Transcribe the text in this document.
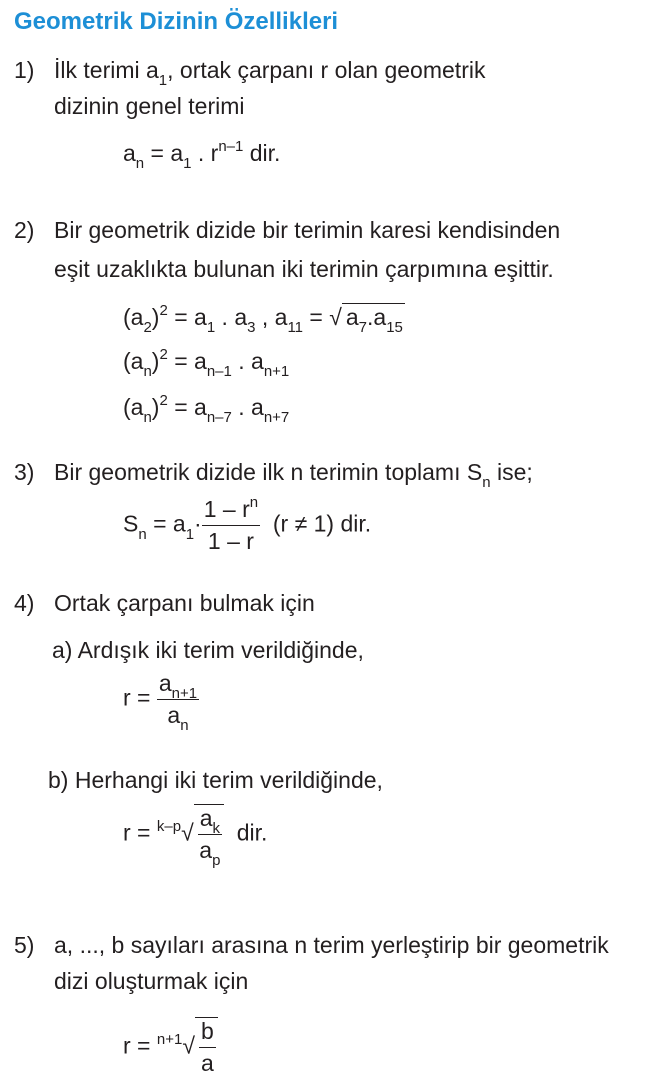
Geometrik Dizinin Özellikleri
1) İlk terimi $a_1$, ortak çarpanı r olan geometrik
dizinin genel terimi
$a_n = a_1$ . $r^{n-1}$ dir.
2) Bir geometrik dizide bir terimin karesi kendisinden
eşit uzaklıkta bulunan iki terimin çarpımına eşittir.
$(a_2)^2 = a_1$ . $a_3$ , $a_{11}$ = √ $a_7.a_{15}$
$(a_n)^2 = a_{n-1}$ . $a_{n+1}$
$(a_n)^2 = a_{n-7}$ . $a_{n+7}$
3) Bir geometrik dizide ilk n terimin toplamı $S_n$ ise;
$S_n = a_1\cdot \frac{1 - r^n}{1 - r} (r \ne 1)$ dir.
4) Ortak çarpanı bulmak için
a) Ardışık iki terim verildiğinde,
$r = \frac{a_{n+1}}{a_n}$
b) Herhangi iki terim verildiğinde,
$r = ^{k-p}√ \frac{a_k}{a_p}$ dir.
5) a, ..., b sayıları arasına n terim yerleştirip bir geometrik
dizi oluşturmak için
$r = ^{n+1}√ \frac{b}{a}$
